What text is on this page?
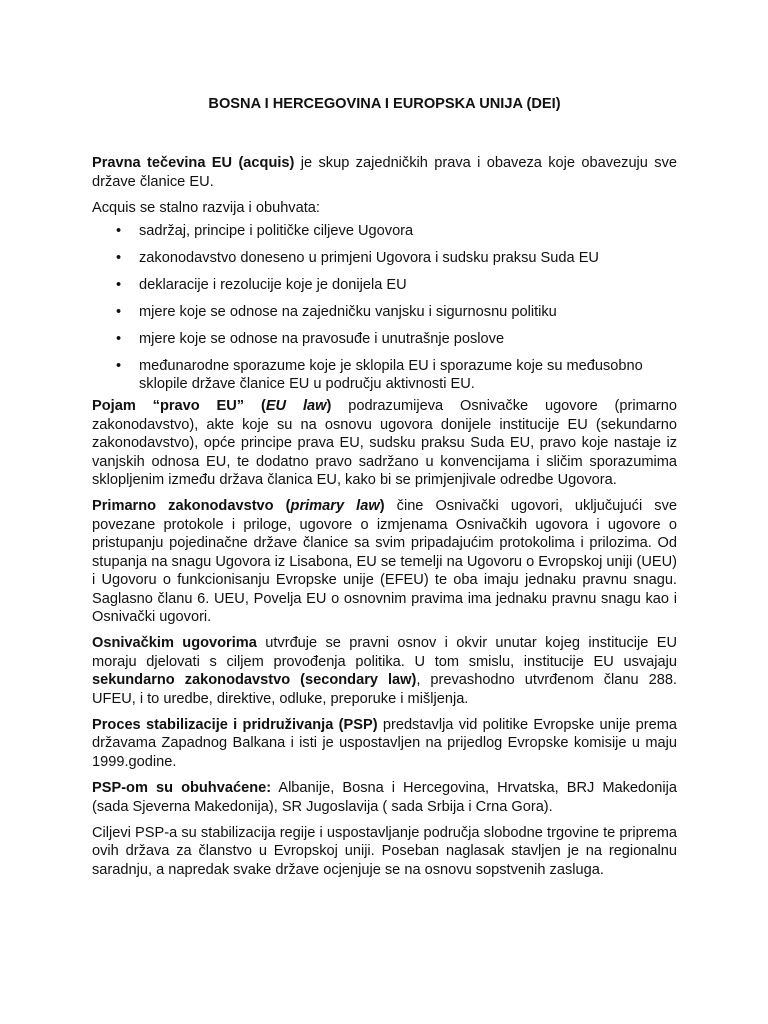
BOSNA I HERCEGOVINA I EUROPSKA UNIJA (DEI)

Pravna tečevina EU (acquis) je skup zajedničkih prava i obaveza koje obavezuju sve države članice EU.

Acquis se stalno razvija i obuhvata:

• sadržaj, principe i političke ciljeve Ugovora
• zakonodavstvo doneseno u primjeni Ugovora i sudsku praksu Suda EU
• deklaracije i rezolucije koje je donijela EU
• mjere koje se odnose na zajedničku vanjsku i sigurnosnu politiku
• mjere koje se odnose na pravosuđe i unutrašnje poslove
• međunarodne sporazume koje je sklopila EU i sporazume koje su međusobno sklopile države članice EU u području aktivnosti EU.

Pojam “pravo EU” (EU law) podrazumijeva Osnivačke ugovore (primarno zakonodavstvo), akte koje su na osnovu ugovora donijele institucije EU (sekundarno zakonodavstvo), opće principe prava EU, sudsku praksu Suda EU, pravo koje nastaje iz vanjskih odnosa EU, te dodatno pravo sadržano u konvencijama i sličim sporazumima sklopljenim između država članica EU, kako bi se primjenjivale odredbe Ugovora.

Primarno zakonodavstvo (primary law) čine Osnivački ugovori, uključujući sve povezane protokole i priloge, ugovore o izmjenama Osnivačkih ugovora i ugovore o pristupanju pojedinačne države članice sa svim pripadajućim protokolima i prilozima. Od stupanja na snagu Ugovora iz Lisabona, EU se temelji na Ugovoru o Evropskoj uniji (UEU) i Ugovoru o funkcionisanju Evropske unije (EFEU) te oba imaju jednaku pravnu snagu. Saglasno članu 6. UEU, Povelja EU o osnovnim pravima ima jednaku pravnu snagu kao i Osnivački ugovori.

Osnivačkim ugovorima utvrđuje se pravni osnov i okvir unutar kojeg institucije EU moraju djelovati s ciljem provođenja politika. U tom smislu, institucije EU usvajaju sekundarno zakonodavstvo (secondary law), prevashodno utvrđenom članu 288. UFEU, i to uredbe, direktive, odluke, preporuke i mišljenja.

Proces stabilizacije i pridruživanja (PSP) predstavlja vid politike Evropske unije prema državama Zapadnog Balkana i isti je uspostavljen na prijedlog Evropske komisije u maju 1999.godine.

PSP-om su obuhvaćene: Albanije, Bosna i Hercegovina, Hrvatska, BRJ Makedonija (sada Sjeverna Makedonija), SR Jugoslavija ( sada Srbija i Crna Gora).

Ciljevi PSP-a su stabilizacija regije i uspostavljanje područja slobodne trgovine te priprema ovih država za članstvo u Evropskoj uniji. Poseban naglasak stavljen je na regionalnu saradnju, a napredak svake države ocjenjuje se na osnovu sopstvenih zasluga.
